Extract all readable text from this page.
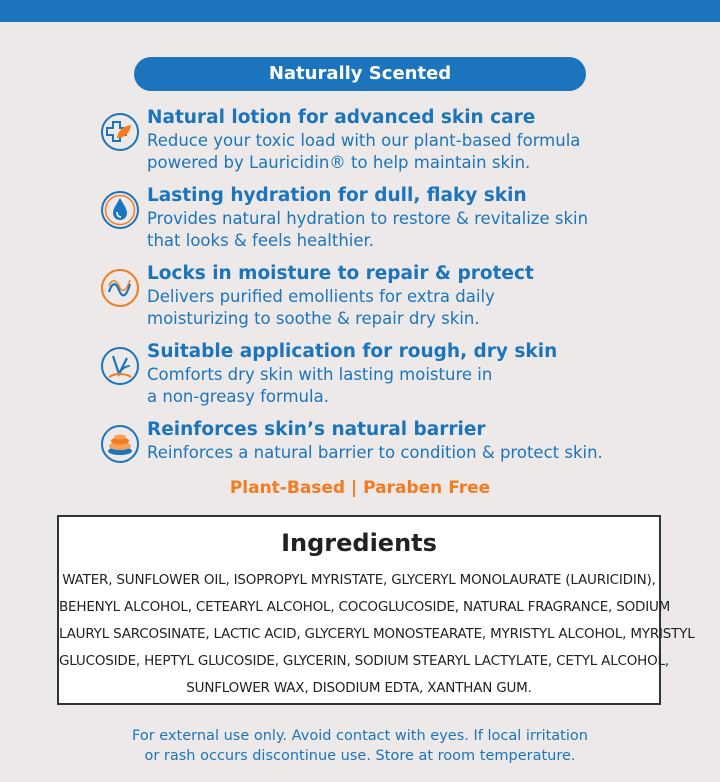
Naturally Scented
Natural lotion for advanced skin care
Reduce your toxic load with our plant-based formula
powered by Lauricidin® to help maintain skin.
Lasting hydration for dull, flaky skin
Provides natural hydration to restore & revitalize skin
that looks & feels healthier.
Locks in moisture to repair & protect
Delivers purified emollients for extra daily
moisturizing to soothe & repair dry skin.
Suitable application for rough, dry skin
Comforts dry skin with lasting moisture in
a non-greasy formula.
Reinforces skin’s natural barrier
Reinforces a natural barrier to condition & protect skin.
Plant-Based | Paraben Free
Ingredients
WATER, SUNFLOWER OIL, ISOPROPYL MYRISTATE, GLYCERYL MONOLAURATE (LAURICIDIN),
BEHENYL ALCOHOL, CETEARYL ALCOHOL, COCOGLUCOSIDE, NATURAL FRAGRANCE, SODIUM
LAURYL SARCOSINATE, LACTIC ACID, GLYCERYL MONOSTEARATE, MYRISTYL ALCOHOL, MYRISTYL
GLUCOSIDE, HEPTYL GLUCOSIDE, GLYCERIN, SODIUM STEARYL LACTYLATE, CETYL ALCOHOL,
SUNFLOWER WAX, DISODIUM EDTA, XANTHAN GUM.
For external use only. Avoid contact with eyes. If local irritation
or rash occurs discontinue use. Store at room temperature.
